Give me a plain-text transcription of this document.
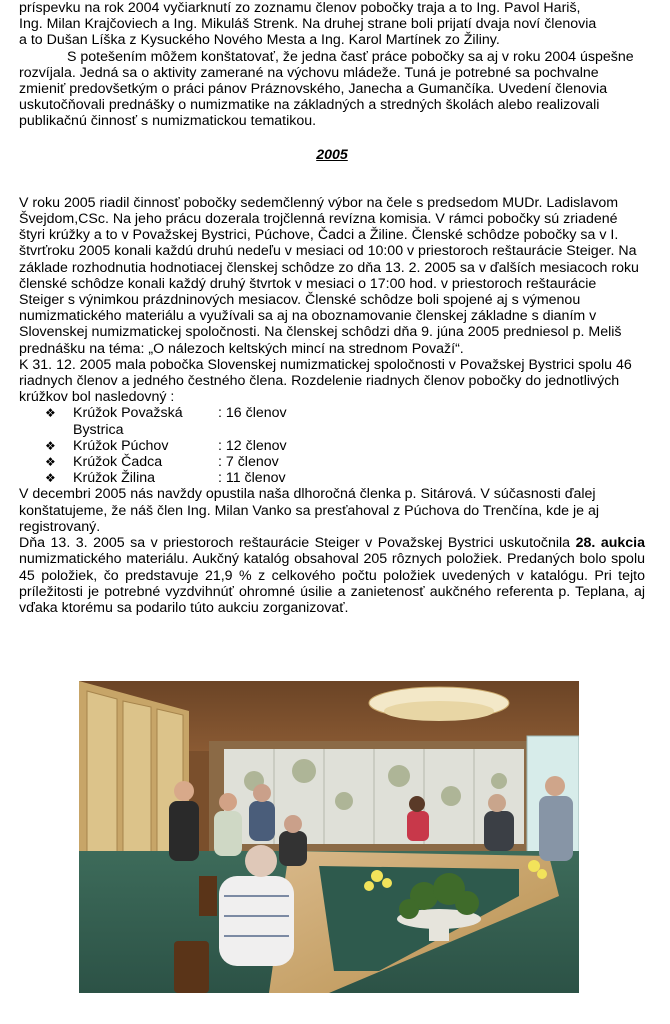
príspevku na rok 2004 vyčiarknutí zo zoznamu členov pobočky traja a to Ing. Pavol Hariš,

Ing. Milan Krajčoviech a Ing. Mikuláš Strenk. Na druhej strane boli prijatí dvaja noví členovia

a to Dušan Líška z Kysuckého Nového Mesta a Ing. Karol Martínek zo Žiliny.

S potešením môžem konštatovať, že jedna časť práce pobočky sa aj v roku 2004 úspešne rozvíjala. Jedná sa o aktivity zamerané na výchovu mládeže. Tuná je potrebné sa pochvalne zmieniť predovšetkým o práci pánov Práznovského, Janecha a Gumančíka. Uvedení členovia uskutočňovali prednášky o numizmatike na základných a stredných školách alebo realizovali publikačnú činnosť s numizmatickou tematikou.

2005

V roku 2005 riadil činnosť pobočky sedemčlenný výbor na čele s predsedom MUDr. Ladislavom Švejdom,CSc. Na jeho prácu dozerala trojčlenná revízna komisia. V rámci pobočky sú zriadené štyri krúžky a to v Považskej Bystrici, Púchove, Čadci a Žiline. Členské schôdze pobočky sa v I. štvrťroku 2005 konali každú druhú nedeľu v mesiaci od 10:00 v priestoroch reštaurácie Steiger. Na základe rozhodnutia hodnotiacej členskej schôdze zo dňa 13. 2. 2005 sa v ďalších mesiacoch roku členské schôdze konali každý druhý štvrtok v mesiaci o 17:00 hod. v priestoroch reštaurácie Steiger s výnimkou prázdninových mesiacov. Členské schôdze boli spojené aj s výmenou numizmatického materiálu a využívali sa aj na oboznamovanie členskej základne s dianím v Slovenskej numizmatickej spoločnosti. Na členskej schôdzi dňa 9. júna 2005 predniesol p. Meliš prednášku na téma: „O nálezoch keltských mincí na strednom Považí“.

K 31. 12. 2005 mala pobočka Slovenskej numizmatickej spoločnosti v Považskej Bystrici spolu 46 riadnych členov a jedného čestného člena. Rozdelenie riadnych členov pobočky do jednotlivých krúžkov bol nasledovný :

❖	Krúžok Považská Bystrica
: 16 členov
❖	Krúžok Púchov	: 12 členov
❖	Krúžok Čadca	: 7 členov
❖	Krúžok Žilina	: 11 členov

V decembri 2005 nás navždy opustila naša dlhoročná členka p. Sitárová. V súčasnosti ďalej konštatujeme, že náš člen Ing. Milan Vanko sa presťahoval z Púchova do Trenčína, kde je aj registrovaný.

Dňa 13. 3. 2005 sa v priestoroch reštaurácie Steiger v Považskej Bystrici uskutočnila 28. aukcia numizmatického materiálu. Aukčný katalóg obsahoval 205 rôznych položiek. Predaných bolo spolu 45 položiek, čo predstavuje 21,9 % z celkového počtu položiek uvedených v katalógu. Pri tejto príležitosti je potrebné vyzdvihnúť ohromné úsilie a zanietenosť aukčného referenta p. Teplana, aj vďaka ktorému sa podarilo túto aukciu zorganizovať.
